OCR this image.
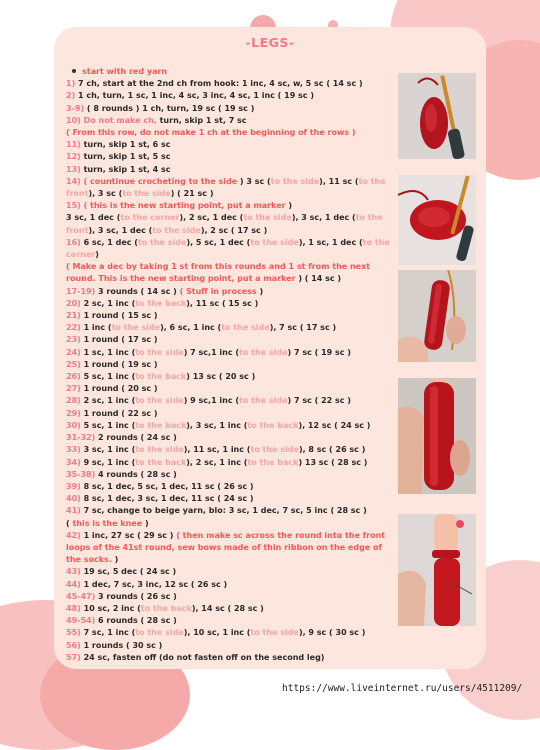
-LEGS-
start with red yarn
1) 7 ch, start at the 2nd ch from hook: 1 inc, 4 sc, w, 5 sc ( 14 sc )
2) 1 ch, turn, 1 sc, 1 inc, 4 sc, 3 inc, 4 sc, 1 inc ( 19 sc )
3-9) ( 8 rounds ) 1 ch, turn, 19 sc ( 19 sc )
10) Do not make ch, turn, skip 1 st, 7 sc
( From this row, do not make 1 ch at the beginning of the rows )
11) turn, skip 1 st, 6 sc
12) turn, skip 1 st, 5 sc
13) turn, skip 1 st, 4 sc
14) ( countinue crocheting to the side ) 3 sc (to the side), 11 sc (to the front), 3 sc (to the side) ( 21 sc )
15) ( this is the new starting point, put a marker )
3 sc, 1 dec (to the corner), 2 sc, 1 dec (to the side), 3 sc, 1 dec (to the front), 3 sc, 1 dec (to the side), 2 sc ( 17 sc )
16) 6 sc, 1 dec (to the side), 5 sc, 1 dec (to the side), 1 sc, 1 dec (to the corner)
( Make a dec by taking 1 st from this rounds and 1 st from the next round. This is the new starting point, put a marker ) ( 14 sc )
17-19) 3 rounds ( 14 sc ) ( Stuff in process )
20) 2 sc, 1 inc (to the back), 11 sc ( 15 sc )
21) 1 round ( 15 sc )
22) 1 inc (to the side), 6 sc, 1 inc (to the side), 7 sc ( 17 sc )
23) 1 round ( 17 sc )
24) 1 sc, 1 inc (to the side) 7 sc,1 inc (to the side) 7 sc ( 19 sc )
25) 1 round ( 19 sc )
26) 5 sc, 1 inc (to the back) 13 sc ( 20 sc )
27) 1 round ( 20 sc )
28) 2 sc, 1 inc (to the side) 9 sc,1 inc (to the side) 7 sc ( 22 sc )
29) 1 round ( 22 sc )
30) 5 sc, 1 inc (to the back), 3 sc, 1 inc (to the back), 12 sc ( 24 sc )
31-32) 2 rounds ( 24 sc )
33) 3 sc, 1 inc (to the side), 11 sc, 1 inc (to the side), 8 sc ( 26 sc )
34) 9 sc, 1 inc (to the back), 2 sc, 1 inc (to the back) 13 sc ( 28 sc )
35-38) 4 rounds ( 28 sc )
39) 8 sc, 1 dec, 5 sc, 1 dec, 11 sc ( 26 sc )
40) 8 sc, 1 dec, 3 sc, 1 dec, 11 sc ( 24 sc )
41) 7 sc, change to beige yarn, blo: 3 sc, 1 dec, 7 sc, 5 inc ( 28 sc )
( this is the knee )
42) 1 inc, 27 sc ( 29 sc ) ( then make sc across the round into the front loops of the 41st round, sew bows made of thin ribbon on the edge of the socks. )
43) 19 sc, 5 dec ( 24 sc )
44) 1 dec, 7 sc, 3 inc, 12 sc ( 26 sc )
45-47) 3 rounds ( 26 sc )
48) 10 sc, 2 inc (to the back), 14 sc ( 28 sc )
49-54) 6 rounds ( 28 sc )
55) 7 sc, 1 inc (to the side), 10 sc, 1 inc (to the side), 9 sc ( 30 sc )
56) 1 rounds ( 30 sc )
57) 24 sc, fasten off (do not fasten off on the second leg)
https://www.liveinternet.ru/users/4511209/
